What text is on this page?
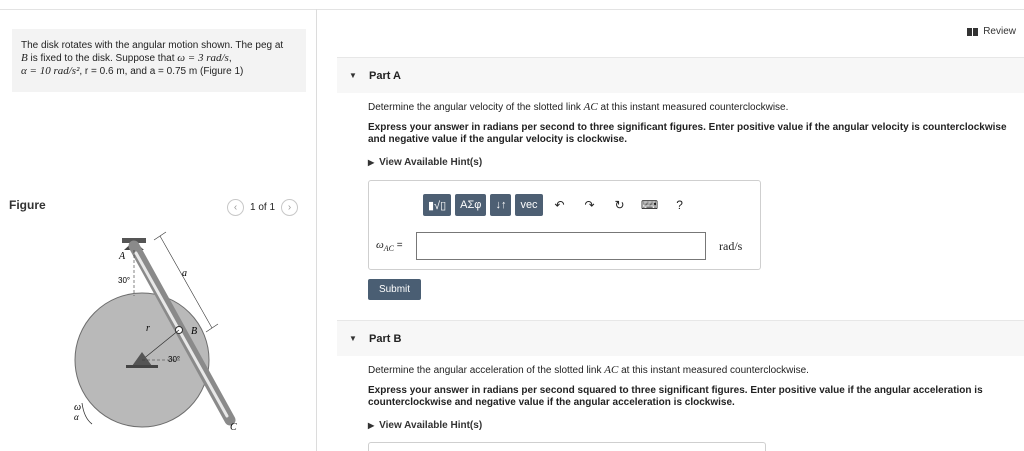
The disk rotates with the angular motion shown. The peg at
B is fixed to the disk. Suppose that ω = 3 rad/s,
α = 10 rad/s², r = 0.6 m, and a = 0.75 m (Figure 1)
Figure	‹	1 of 1	›
A
30°
a
r	B
30°
ω
α
C
Review
▼	Part A
Determine the angular velocity of the slotted link AC at this instant measured counterclockwise.
Express your answer in radians per second to three significant figures. Enter positive value if the angular velocity is counterclockwise and negative value if the angular velocity is clockwise.
▶ View Available Hint(s)
▮√▯	ΑΣφ	↓↑	vec	↶	↷	↻	⌨	?
$\omega_{AC}$ =	rad/s
Submit
▼	Part B
Determine the angular acceleration of the slotted link AC at this instant measured counterclockwise.
Express your answer in radians per second squared to three significant figures. Enter positive value if the angular acceleration is counterclockwise and negative value if the angular acceleration is clockwise.
▶ View Available Hint(s)
